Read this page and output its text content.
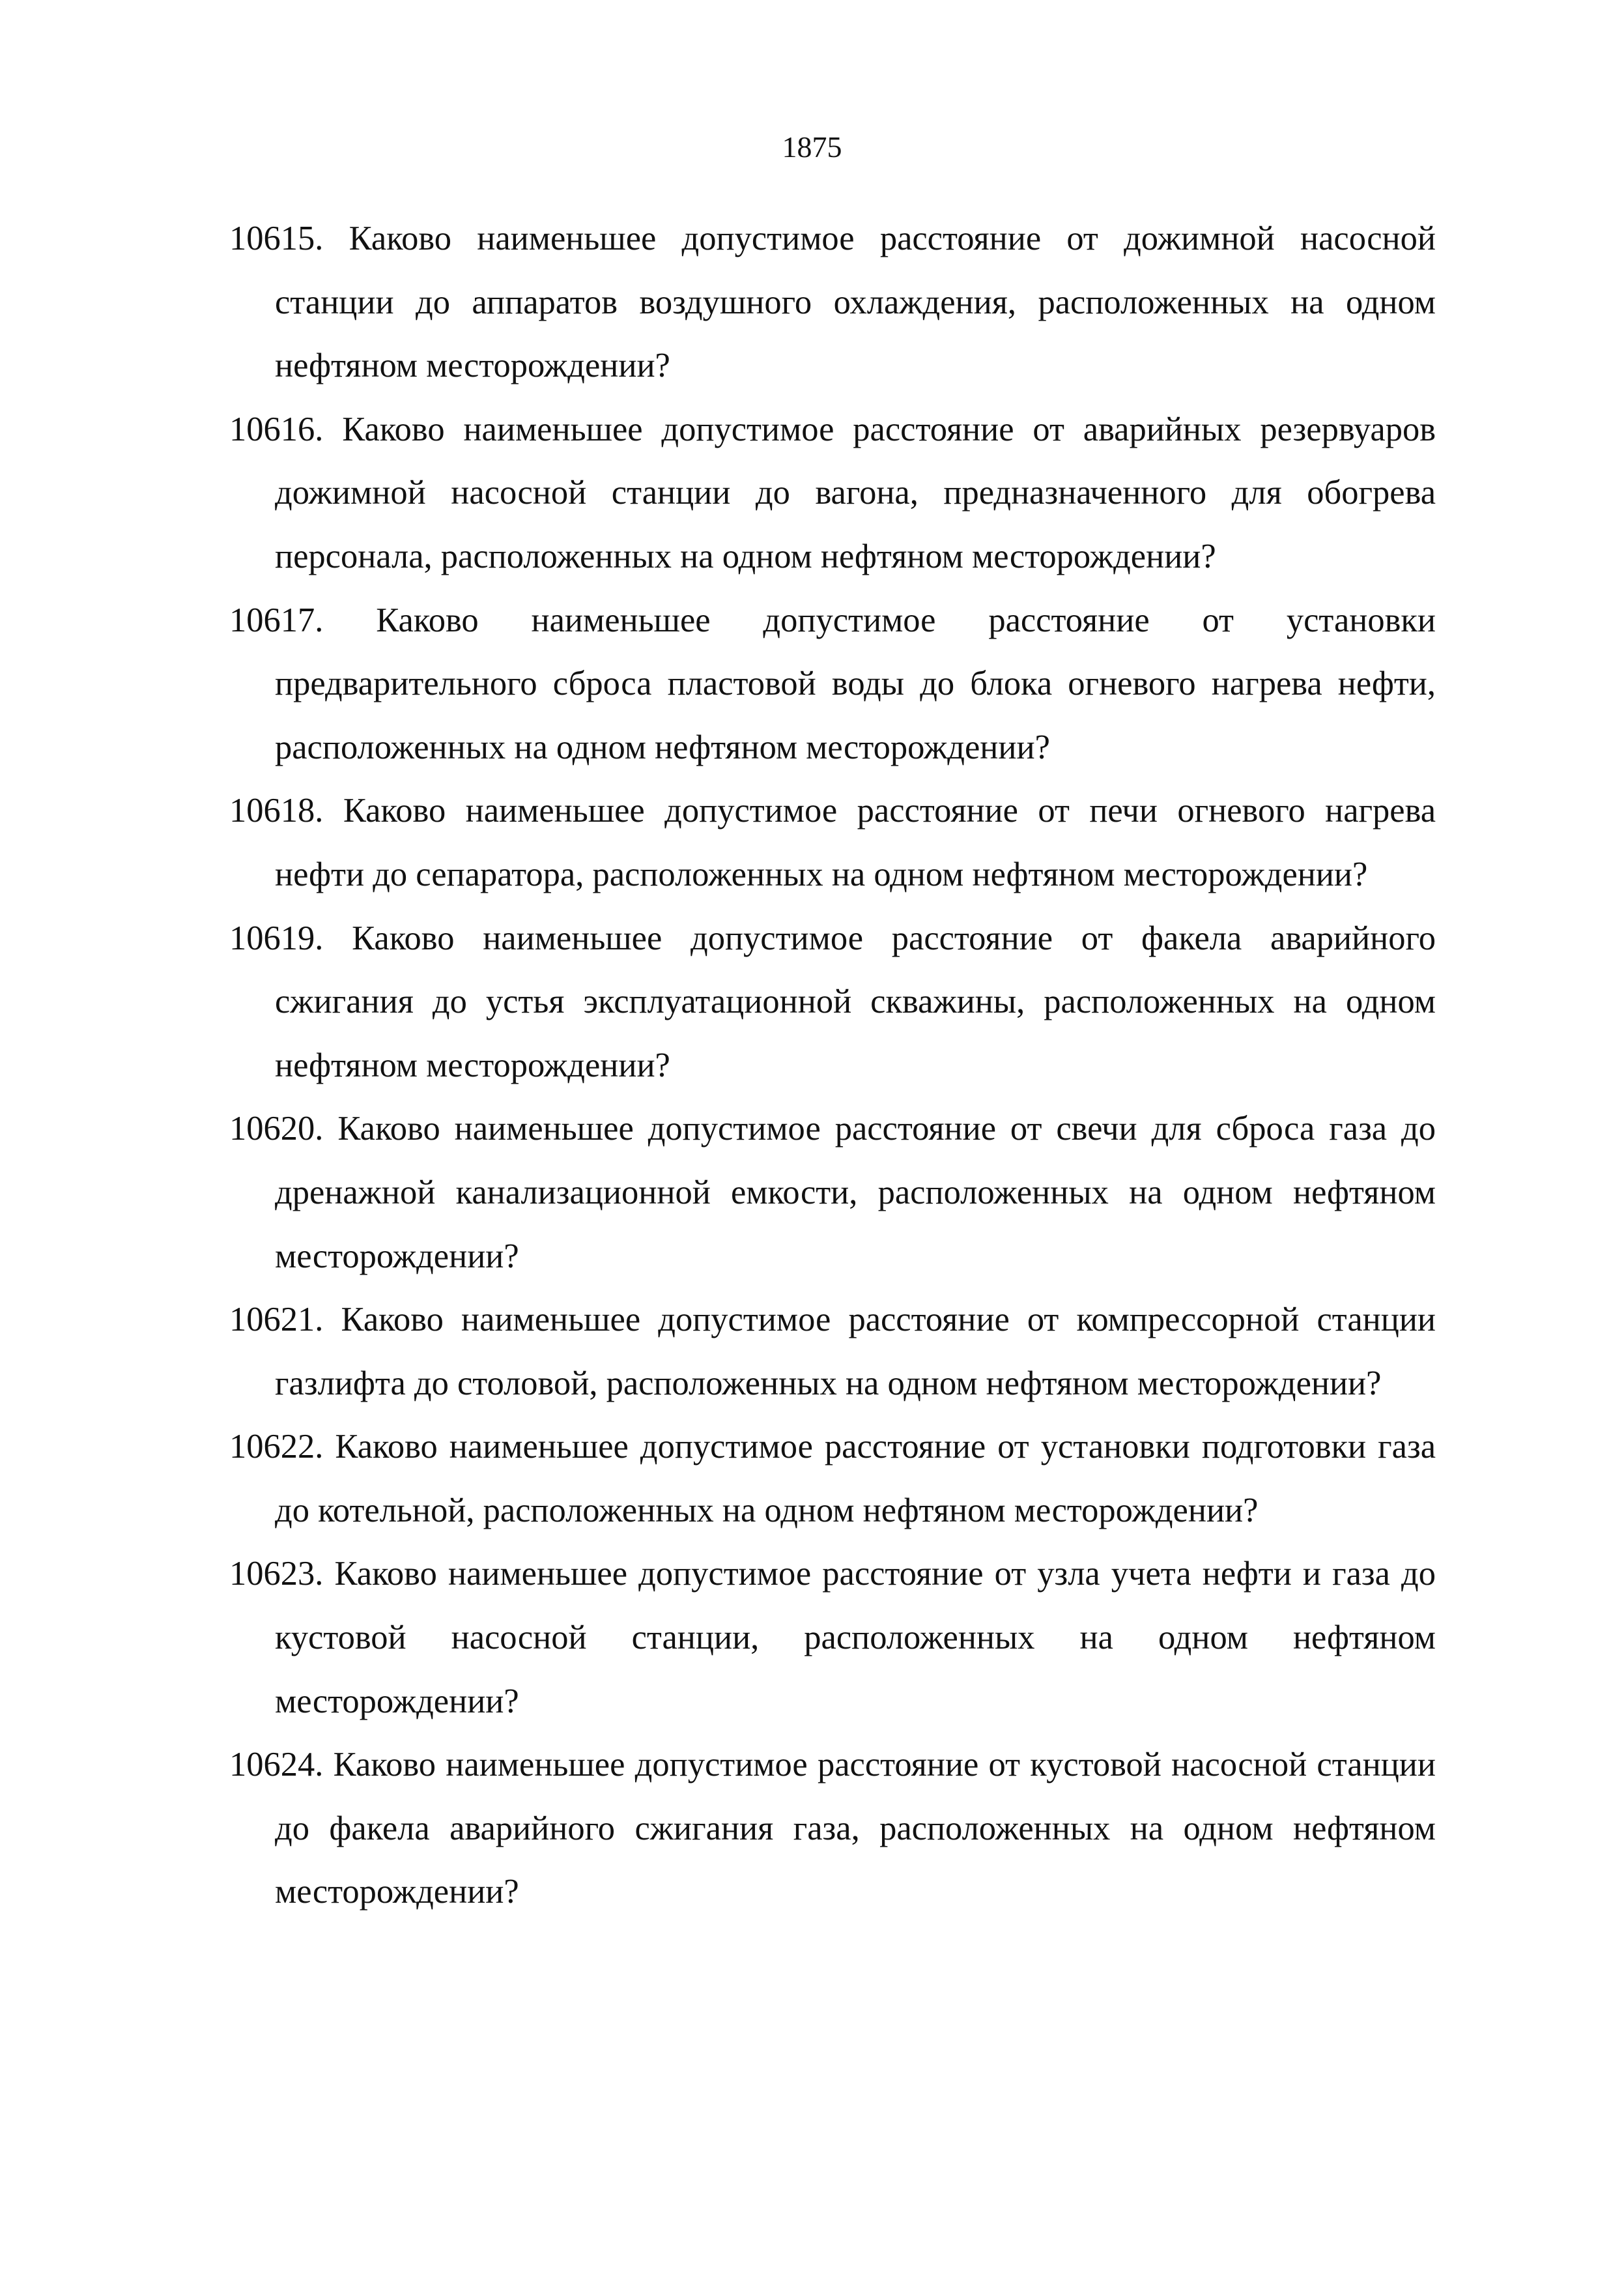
1875

10615. Каково наименьшее допустимое расстояние от дожимной насосной станции до аппаратов воздушного охлаждения, расположенных на одном нефтяном месторождении?

10616. Каково наименьшее допустимое расстояние от аварийных резервуаров дожимной насосной станции до вагона, предназначенного для обогрева персонала, расположенных на одном нефтяном месторождении?

10617. Каково наименьшее допустимое расстояние от установки предварительного сброса пластовой воды до блока огневого нагрева нефти, расположенных на одном нефтяном месторождении?

10618. Каково наименьшее допустимое расстояние от печи огневого нагрева нефти до сепаратора, расположенных на одном нефтяном месторождении?

10619. Каково наименьшее допустимое расстояние от факела аварийного сжигания до устья эксплуатационной скважины, расположенных на одном нефтяном месторождении?

10620. Каково наименьшее допустимое расстояние от свечи для сброса газа до дренажной канализационной емкости, расположенных на одном нефтяном месторождении?

10621. Каково наименьшее допустимое расстояние от компрессорной станции газлифта до столовой, расположенных на одном нефтяном месторождении?

10622. Каково наименьшее допустимое расстояние от установки подготовки газа до котельной, расположенных на одном нефтяном месторождении?

10623. Каково наименьшее допустимое расстояние от узла учета нефти и газа до кустовой насосной станции, расположенных на одном нефтяном месторождении?

10624. Каково наименьшее допустимое расстояние от кустовой насосной станции до факела аварийного сжигания газа, расположенных на одном нефтяном месторождении?
